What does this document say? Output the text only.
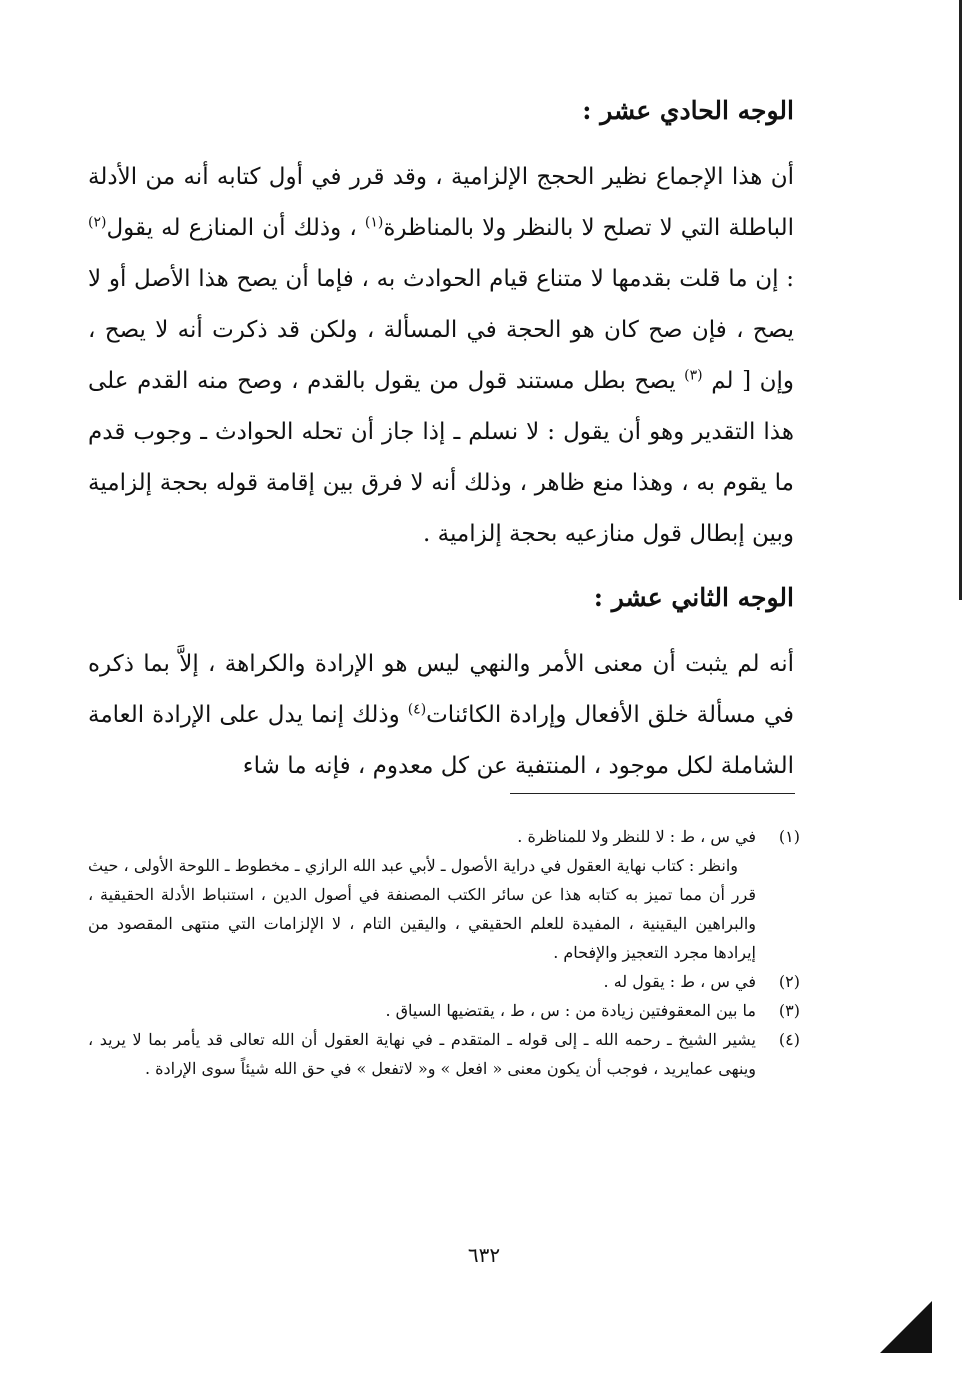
الوجه الحادي عشر :
أن هذا الإجماع نظير الحجج الإلزامية ، وقد قرر في أول كتابه أنه من الأدلة الباطلة التي لا تصلح لا بالنظر ولا بالمناظرة$^{(١)}$ ، وذلك أن المنازع له يقول$^{(٢)}$ : إن ما قلت بقدمها لا متناع قيام الحوادث به ، فإما أن يصح هذا الأصل أو لا يصح ، فإن صح كان هو الحجة في المسألة ، ولكن قد ذكرت أنه لا يصح ، وإن [ لم $^{(٣)}$ يصح بطل مستند قول من يقول بالقدم ، وصح منه القدم على هذا التقدير وهو أن يقول : لا نسلم ـ إذا جاز أن تحله الحوادث ـ وجوب قدم ما يقوم به ، وهذا منع ظاهر ، وذلك أنه لا فرق بين إقامة قوله بحجة إلزامية وبين إبطال قول منازعيه بحجة إلزامية .
الوجه الثاني عشر :
أنه لم يثبت أن معنى الأمر والنهي ليس هو الإرادة والكراهة ، إلاَّ بما ذكره في مسألة خلق الأفعال وإرادة الكائنات$^{(٤)}$ وذلك إنما يدل على الإرادة العامة الشاملة لكل موجود ، المنتفية عن كل معدوم ، فإنه ما شاء
(١)
في س ، ط : لا للنظر ولا للمناظرة .
وانظر : كتاب نهاية العقول في دراية الأصول ـ لأبي عبد الله الرازي ـ مخطوط ـ اللوحة الأولى ، حيث قرر أن مما تميز به كتابه هذا عن سائر الكتب المصنفة في أصول الدين ، استنباط الأدلة الحقيقية ، والبراهين اليقينية ، المفيدة للعلم الحقيقي ، واليقين التام ، لا الإلزامات التي منتهى المقصود من إيرادها مجرد التعجيز والإفحام .
(٢)
في س ، ط : يقول له .
(٣)
ما بين المعقوفتين زيادة من : س ، ط ، يقتضيها السياق .
(٤)
يشير الشيخ ـ رحمه الله ـ إلى قوله ـ المتقدم ـ في نهاية العقول أن الله تعالى قد يأمر بما لا يريد ، وينهى عمايريد ، فوجب أن يكون معنى « افعل » و« لاتفعل » في حق الله شيئاً سوى الإرادة .
٦٣٢
